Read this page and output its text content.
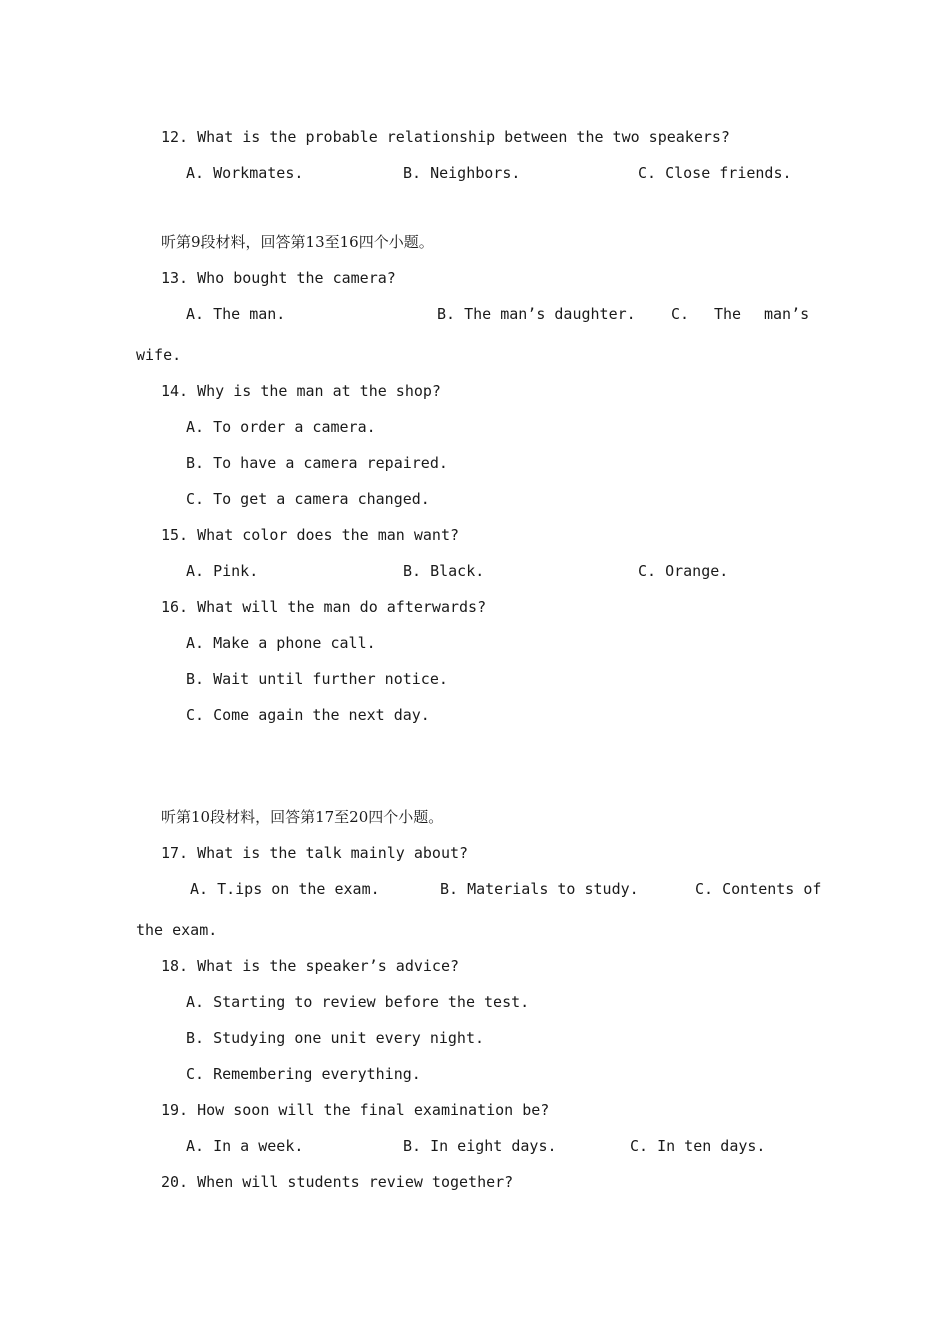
12. What is the probable relationship between the two speakers?
A. Workmates.	B. Neighbors.	C. Close friends.
听第9段材料，回答第13至16四个小题。
13. Who bought the camera?
A. The man.	B. The man’s daughter. C. The man’s
wife.
14. Why is the man at the shop?
A. To order a camera.
B. To have a camera repaired.
C. To get a camera changed.
15. What color does the man want?
A. Pink.	B. Black.	C. Orange.
16. What will the man do afterwards?
A. Make a phone call.
B. Wait until further notice.
C. Come again the next day.
听第10段材料，回答第17至20四个小题。
17. What is the talk mainly about?
A. T.ips on the exam.	B. Materials to study.	C. Contents of
the exam.
18. What is the speaker’s advice?
A. Starting to review before the test.
B. Studying one unit every night.
C. Remembering everything.
19. How soon will the final examination be?
A. In a week.	B. In eight days.	C. In ten days.
20. When will students review together?
